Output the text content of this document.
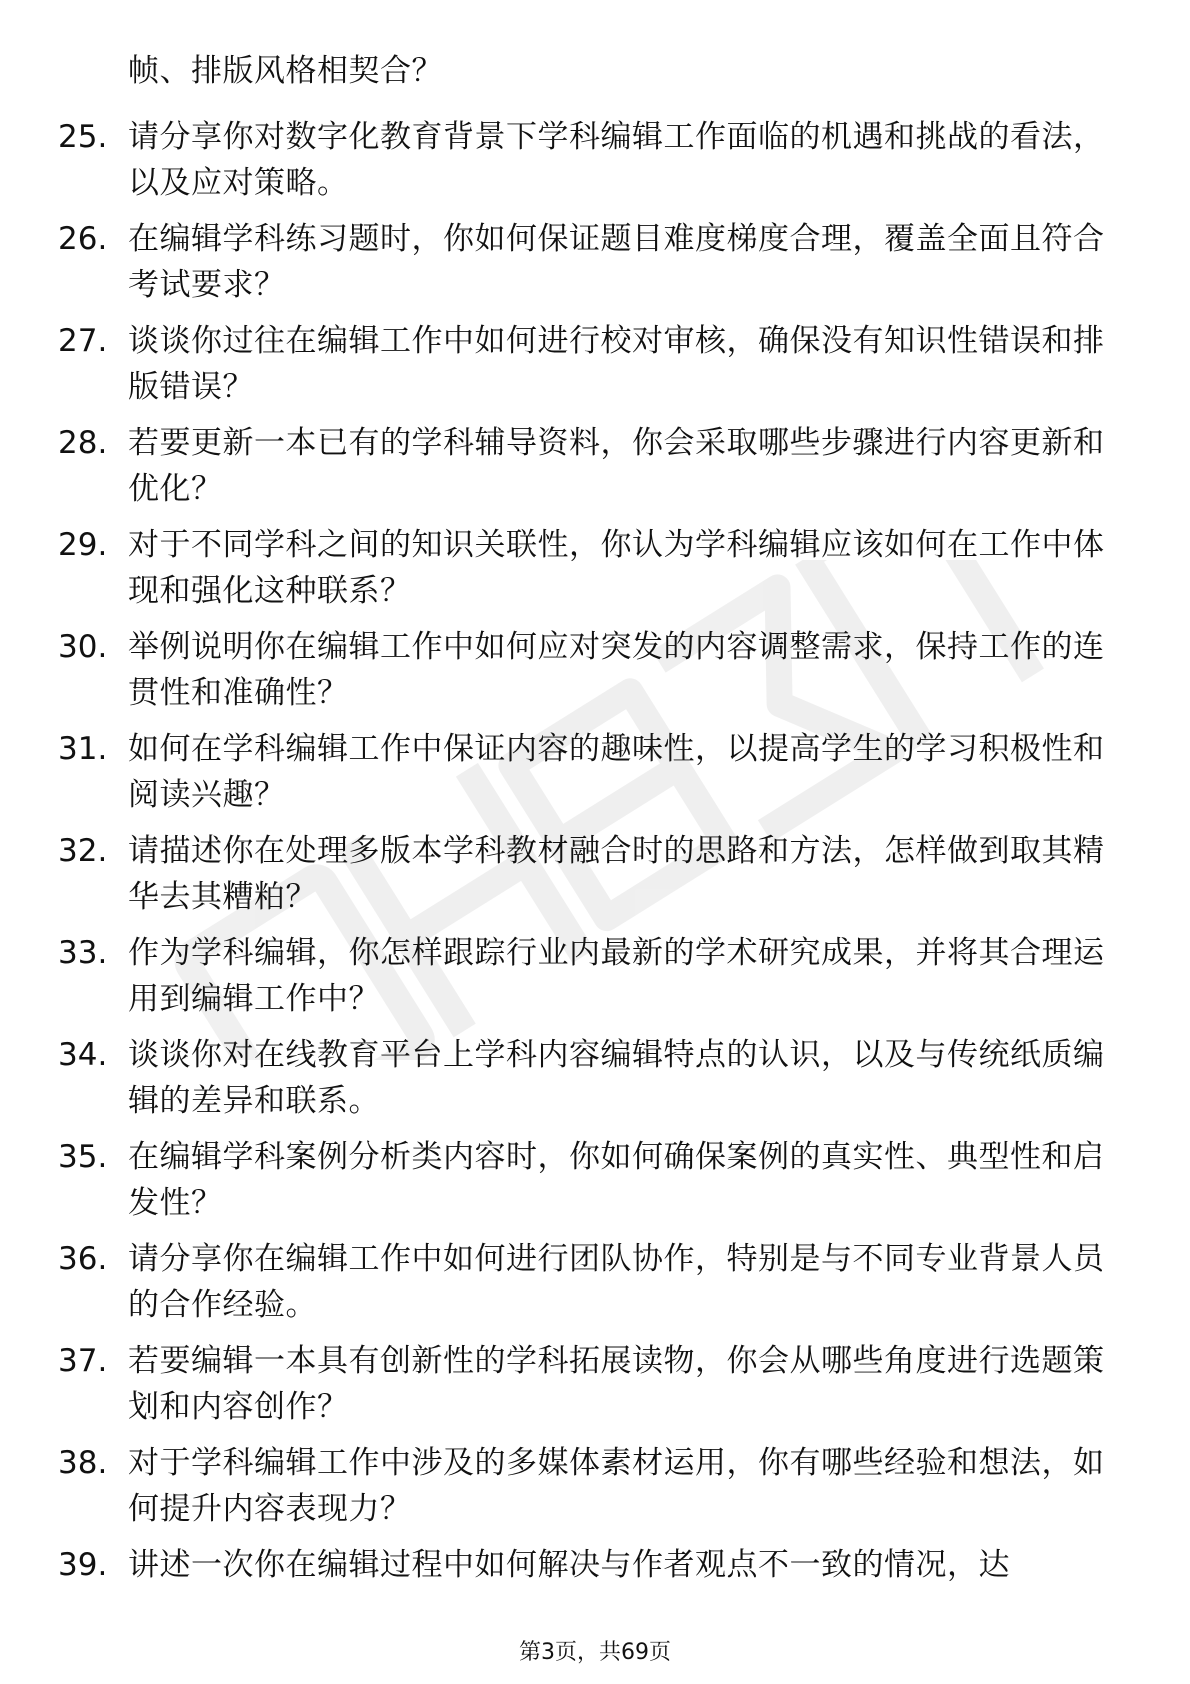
帧、排版风格相契合？
25. 请分享你对数字化教育背景下学科编辑工作面临的机遇和挑战的看法，以及应对策略。
26. 在编辑学科练习题时，你如何保证题目难度梯度合理，覆盖全面且符合考试要求？
27. 谈谈你过往在编辑工作中如何进行校对审核，确保没有知识性错误和排版错误？
28. 若要更新一本已有的学科辅导资料，你会采取哪些步骤进行内容更新和优化？
29. 对于不同学科之间的知识关联性，你认为学科编辑应该如何在工作中体现和强化这种联系？
30. 举例说明你在编辑工作中如何应对突发的内容调整需求，保持工作的连贯性和准确性？
31. 如何在学科编辑工作中保证内容的趣味性，以提高学生的学习积极性和阅读兴趣？
32. 请描述你在处理多版本学科教材融合时的思路和方法，怎样做到取其精华去其糟粕？
33. 作为学科编辑，你怎样跟踪行业内最新的学术研究成果，并将其合理运用到编辑工作中？
34. 谈谈你对在线教育平台上学科内容编辑特点的认识，以及与传统纸质编辑的差异和联系。
35. 在编辑学科案例分析类内容时，你如何确保案例的真实性、典型性和启发性？
36. 请分享你在编辑工作中如何进行团队协作，特别是与不同专业背景人员的合作经验。
37. 若要编辑一本具有创新性的学科拓展读物，你会从哪些角度进行选题策划和内容创作？
38. 对于学科编辑工作中涉及的多媒体素材运用，你有哪些经验和想法，如何提升内容表现力？
39. 讲述一次你在编辑过程中如何解决与作者观点不一致的情况，达
第3页，共69页
